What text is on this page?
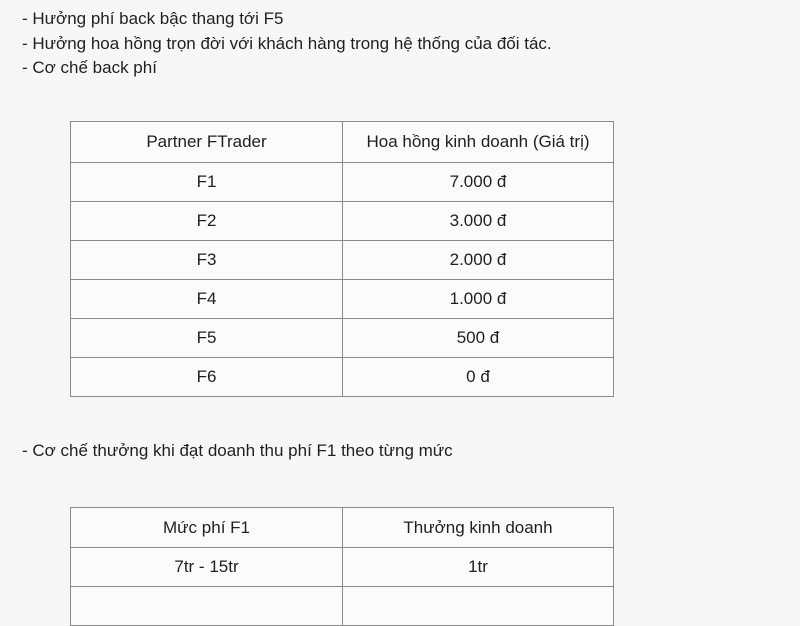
- Hưởng phí back bậc thang tới F5
- Hưởng hoa hồng trọn đời với khách hàng trong hệ thống của đối tác.
- Cơ chế back phí
Partner FTrader	Hoa hồng kinh doanh (Giá trị)
F1	7.000 đ
F2	3.000 đ
F3	2.000 đ
F4	1.000 đ
F5	500 đ
F6	0 đ
- Cơ chế thưởng khi đạt doanh thu phí F1 theo từng mức
Mức phí F1	Thưởng kinh doanh
7tr - 15tr	1tr
